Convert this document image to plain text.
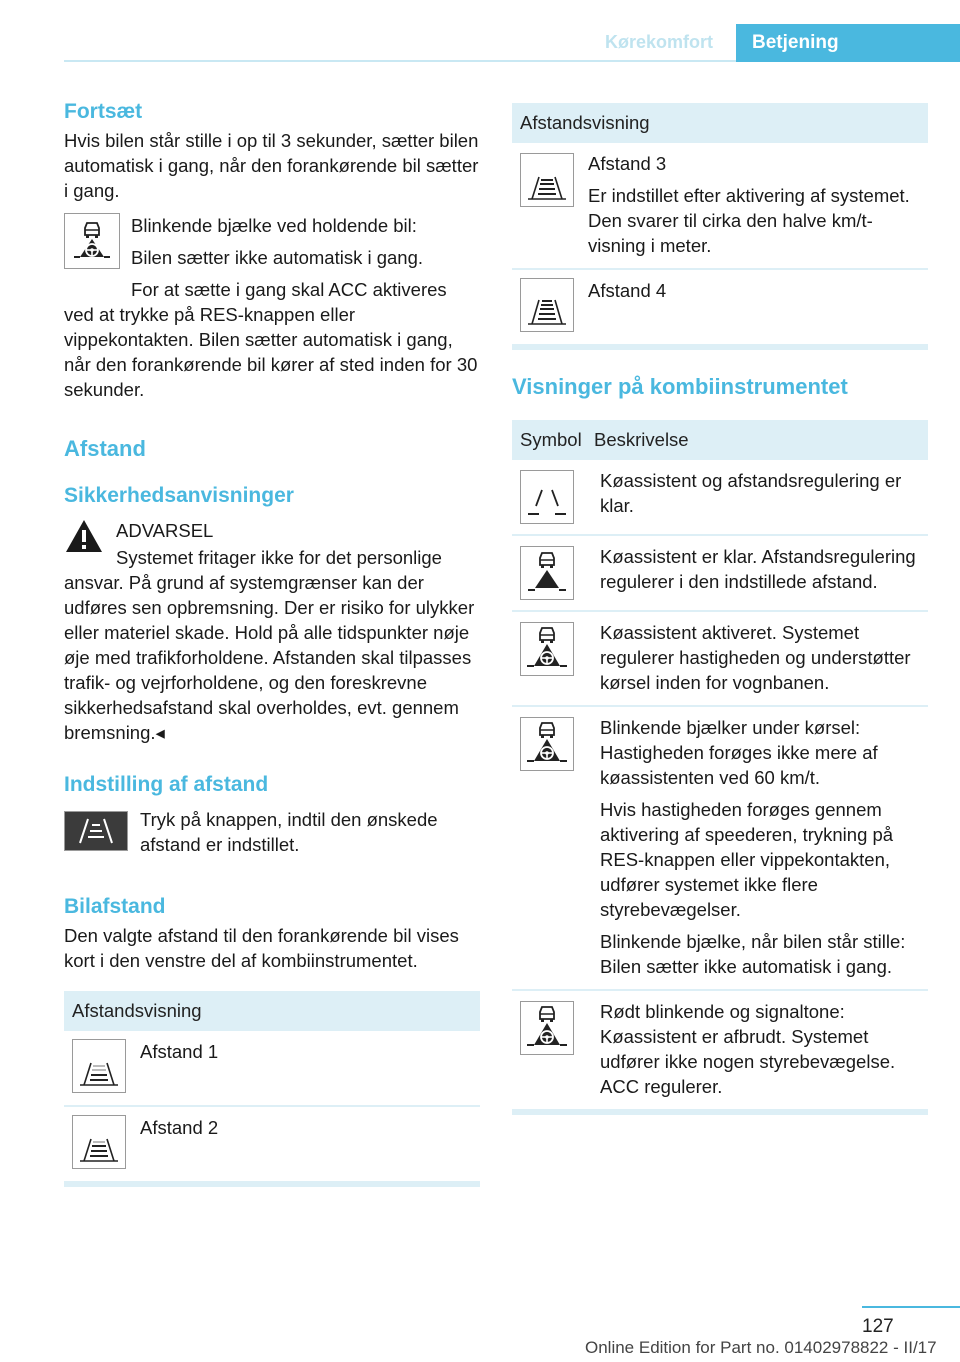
Kørekomfort	Betjening
Fortsæt

Hvis bilen står stille i op til 3 sekunder, sætter bilen automatisk i gang, når den forankørende bil sætter i gang.

Blinkende bjælke ved holdende bil:

Bilen sætter ikke automatisk i gang.

For at sætte i gang skal ACC aktiveres

ved at trykke på RES-knappen eller vippekontakten. Bilen sætter automatisk i gang, når den forankørende bil kører af sted inden for 30 sekunder.

Afstand
Sikkerhedsanvisninger

ADVARSEL

Systemet fritager ikke for det personlige

ansvar. På grund af systemgrænser kan der udføres sen opbremsning. Der er risiko for ulykker eller materiel skade. Hold på alle tidspunkter nøje øje med trafikforholdene. Afstanden skal tilpasses trafik- og vejrforholdene, og den foreskrevne sikkerhedsafstand skal overholdes, evt. gennem bremsning.◂

Indstilling af afstand

Tryk på knappen, indtil den ønskede afstand er indstillet.

Bilafstand

Den valgte afstand til den forankørende bil vises kort i den venstre del af kombiinstrumentet.

Afstandsvisning

Afstand 1

Afstand 2

Afstandsvisning

Afstand 3

Er indstillet efter aktivering af systemet. Den svarer til cirka den halve km/t-visning i meter.

Afstand 4

Visninger på kombiinstrumentet
Symbol Beskrivelse

Køassistent og afstandsregulering er klar.

Køassistent er klar. Afstandsregulering regulerer i den indstillede afstand.

Køassistent aktiveret. Systemet regulerer hastigheden og understøtter kørsel inden for vognbanen.

Blinkende bjælker under kørsel: Hastigheden forøges ikke mere af køassistenten ved 60 km/t.

Hvis hastigheden forøges gennem aktivering af speederen, trykning på RES-knappen eller vippekontakten, udfører systemet ikke flere styrebevægelser.

Blinkende bjælke, når bilen står stille: Bilen sætter ikke automatisk i gang.

Rødt blinkende og signaltone: Køassistent er afbrudt. Systemet udfører ikke nogen styrebevægelse. ACC regulerer.

127
Online Edition for Part no. 01402978822 - II/17
